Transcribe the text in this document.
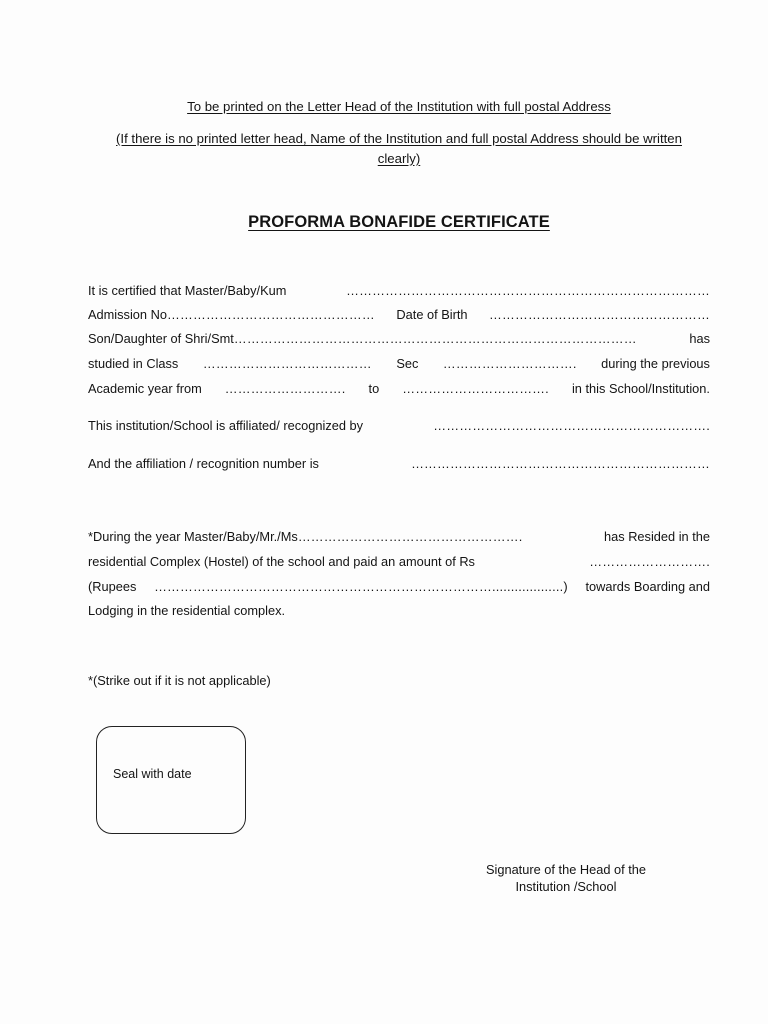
To be printed on the Letter Head of the Institution with full postal Address
(If there is no printed letter head, Name of the Institution and full postal Address should be written clearly)
PROFORMA BONAFIDE CERTIFICATE
It is certified that Master/Baby/Kum	…………………………………………………………………………
Admission No………………………………………… Date of Birth ……………………………………………
Son/Daughter of Shri/Smt…………………………………………………………………………………	has
studied in Class ………………………………… Sec …………………………. during the previous
Academic year from ………………………. to ……………………………. in this School/Institution.
This institution/School is affiliated/ recognized by	……………………………………………………….
And the affiliation / recognition number is	……………………………………………………………
*During the year Master/Baby/Mr./Ms…………………………………………….	has Resided in the
residential Complex (Hostel) of the school and paid an amount of Rs	……………………….
(Rupees ……………………………………………………………………...................) towards Boarding and
Lodging in the residential complex.
*(Strike out if it is not applicable)
Seal with date
Signature of the Head of the
Institution /School
